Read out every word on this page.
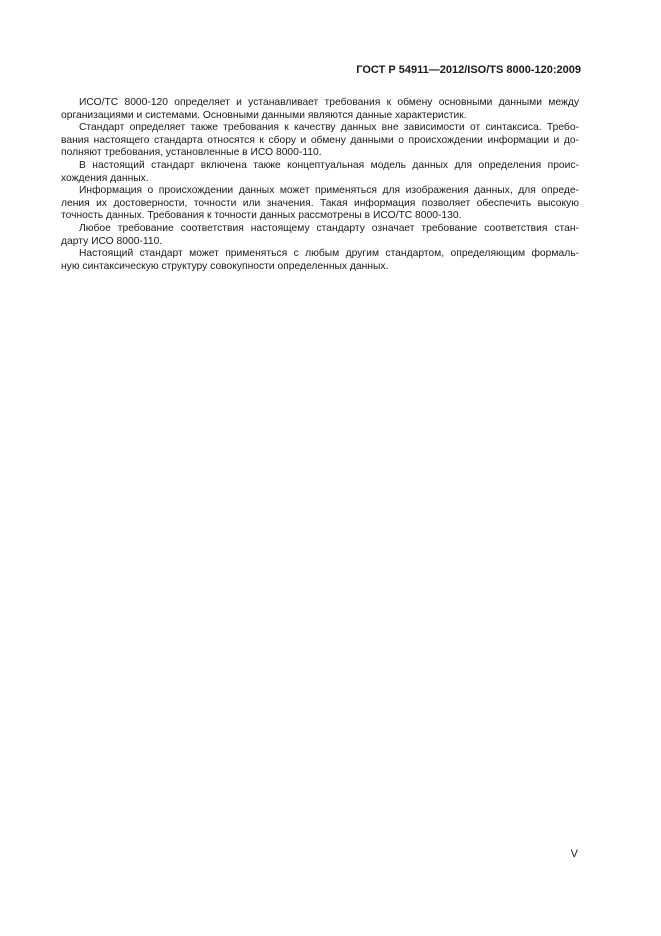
ГОСТ Р 54911—2012/ISO/TS 8000-120:2009

ИСО/ТС 8000-120 определяет и устанавливает требования к обмену основными данными между
организациями и системами. Основными данными являются данные характеристик.

Стандарт определяет также требования к качеству данных вне зависимости от синтаксиса. Требо-
вания настоящего стандарта относятся к сбору и обмену данными о происхождении информации и до-
полняют требования, установленные в ИСО 8000-110.

В настоящий стандарт включена также концептуальная модель данных для определения проис-
хождения данных.

Информация о происхождении данных может применяться для изображения данных, для опреде-
ления их достоверности, точности или значения. Такая информация позволяет обеспечить высокую
точность данных. Требования к точности данных рассмотрены в ИСО/ТС 8000-130.

Любое требование соответствия настоящему стандарту означает требование соответствия стан-
дарту ИСО 8000-110.

Настоящий стандарт может применяться с любым другим стандартом, определяющим формаль-
ную синтаксическую структуру совокупности определенных данных.

V
